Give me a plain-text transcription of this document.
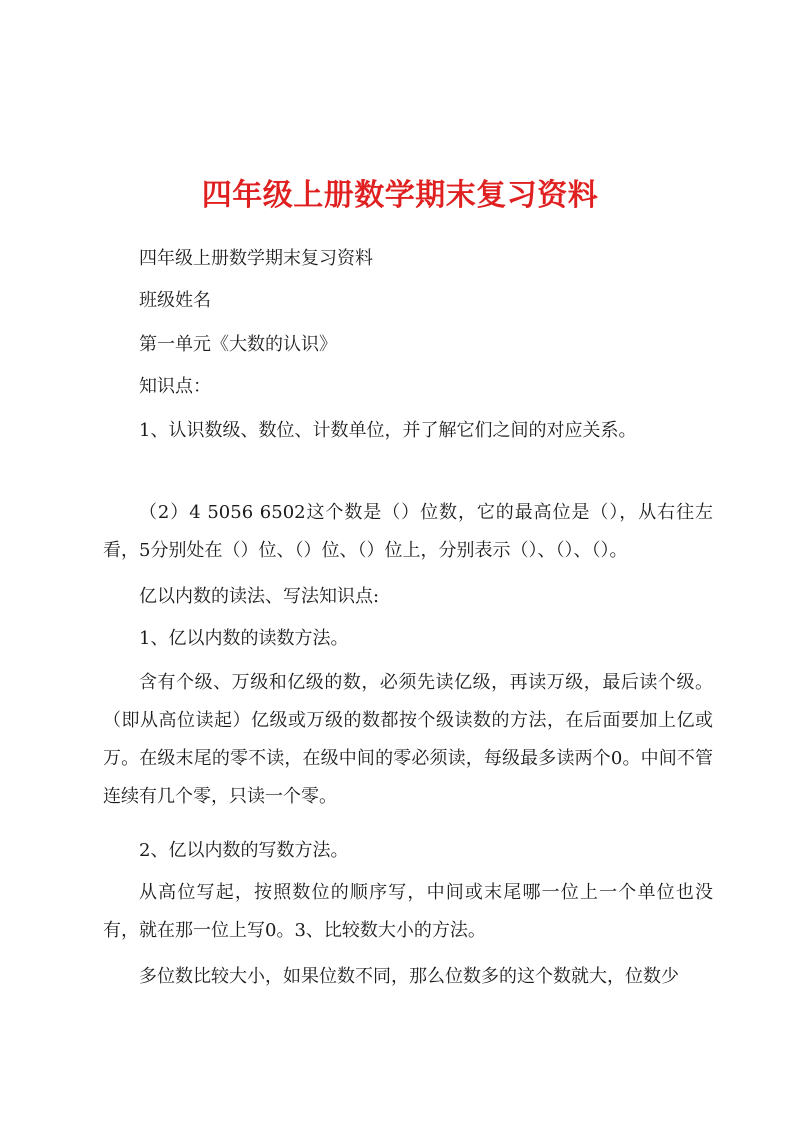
四年级上册数学期末复习资料

四年级上册数学期末复习资料

班级姓名

第一单元《大数的认识》

知识点：

1、认识数级、数位、计数单位，并了解它们之间的对应关系。

（2）4 5056 6502这个数是（）位数，它的最高位是（），从右往左看，5分别处在（）位、（）位、（）位上，分别表示（）、（）、（）。

亿以内数的读法、写法知识点:

1、亿以内数的读数方法。

含有个级、万级和亿级的数，必须先读亿级，再读万级，最后读个级。（即从高位读起）亿级或万级的数都按个级读数的方法，在后面要加上亿或万。在级末尾的零不读，在级中间的零必须读，每级最多读两个0。中间不管连续有几个零，只读一个零。

2、亿以内数的写数方法。

从高位写起，按照数位的顺序写，中间或末尾哪一位上一个单位也没有，就在那一位上写0。3、比较数大小的方法。

多位数比较大小，如果位数不同，那么位数多的这个数就大，位数少
